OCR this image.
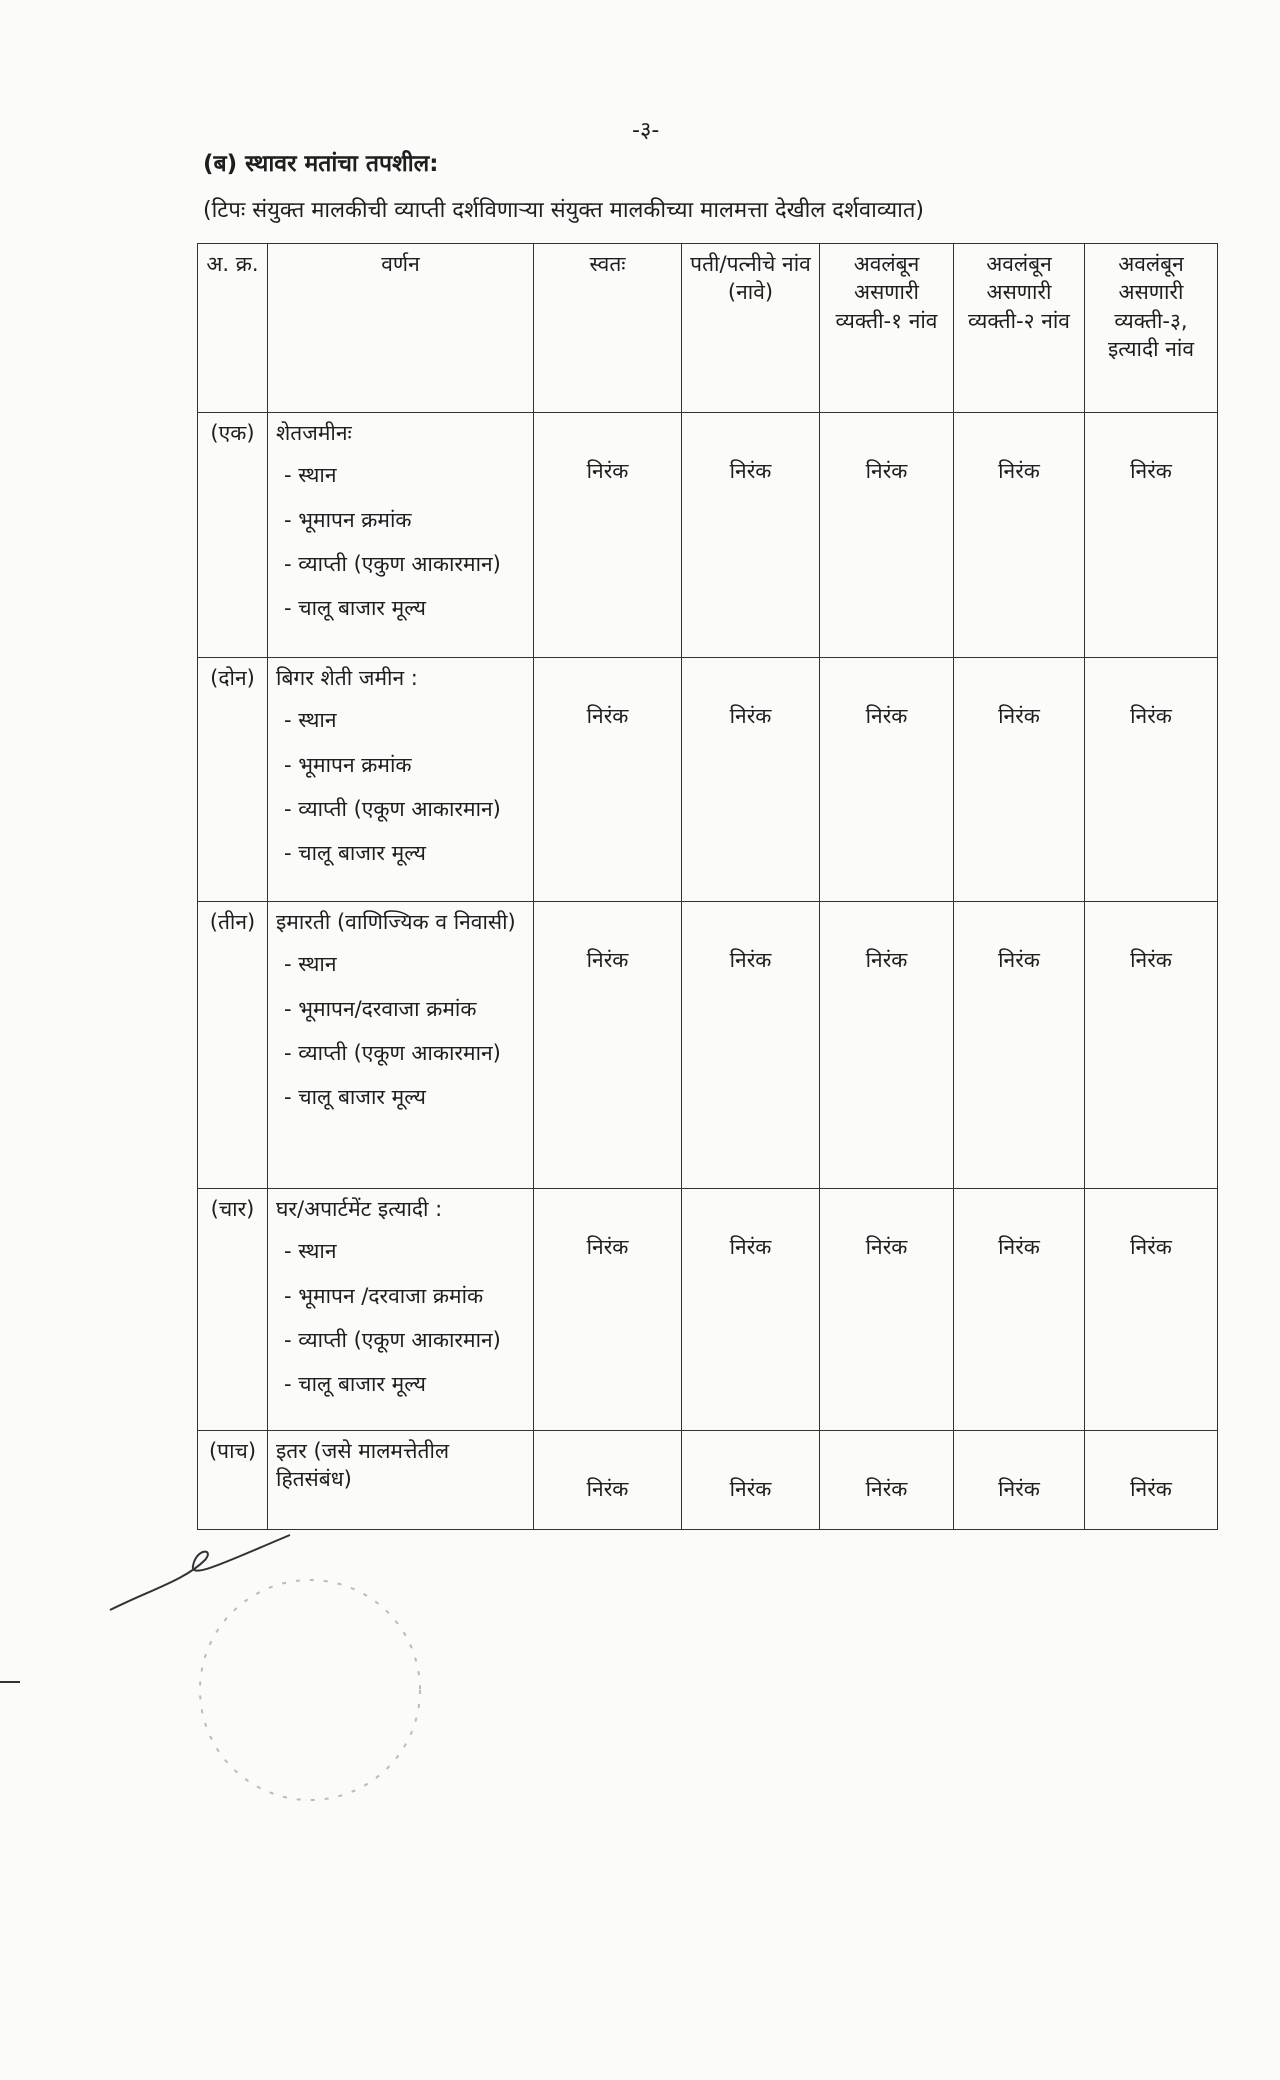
-३-
(ब) स्थावर मतांचा तपशील:
(टिपः संयुक्त मालकीची व्याप्ती दर्शविणाऱ्या संयुक्त मालकीच्या मालमत्ता देखील दर्शवाव्यात)
अ. क्र.	वर्णन	स्वतः	पती/पत्नीचे नांव (नावे)	अवलंबून असणारी व्यक्ती-१ नांव	अवलंबून असणारी व्यक्ती-२ नांव	अवलंबून असणारी व्यक्ती-३, इत्यादी नांव
(एक)	शेतजमीनः
- स्थान
- भूमापन क्रमांक
- व्याप्ती (एकुण आकारमान)
- चालू बाजार मूल्य	निरंक	निरंक	निरंक	निरंक	निरंक
(दोन)	बिगर शेती जमीन :
- स्थान
- भूमापन क्रमांक
- व्याप्ती (एकूण आकारमान)
- चालू बाजार मूल्य	निरंक	निरंक	निरंक	निरंक	निरंक
(तीन)	इमारती (वाणिज्यिक व निवासी)
- स्थान
- भूमापन/दरवाजा क्रमांक
- व्याप्ती (एकूण आकारमान)
- चालू बाजार मूल्य	निरंक	निरंक	निरंक	निरंक	निरंक
(चार)	घर/अपार्टमेंट इत्यादी :
- स्थान
- भूमापन /दरवाजा क्रमांक
- व्याप्ती (एकूण आकारमान)
- चालू बाजार मूल्य	निरंक	निरंक	निरंक	निरंक	निरंक
(पाच)	इतर (जसे मालमत्तेतील हितसंबंध)	निरंक	निरंक	निरंक	निरंक	निरंक
